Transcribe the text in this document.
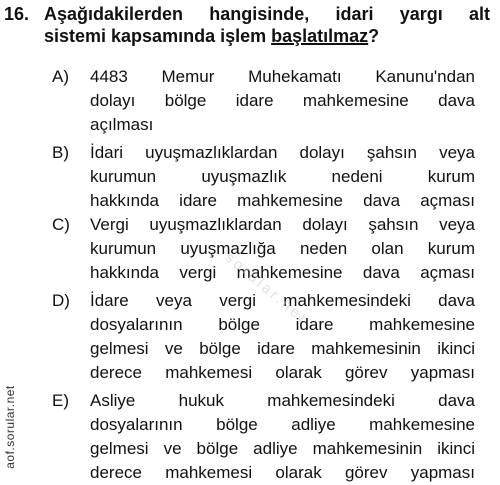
16. Aşağıdakilerden hangisinde, idari yargı alt
sistemi kapsamında işlem başlatılmaz?
A) 4483 Memur Muhekamatı Kanunu'ndan
dolayı bölge idare mahkemesine dava
açılması
B) İdari uyuşmazlıklardan dolayı şahsın veya
kurumun uyuşmazlık nedeni kurum
hakkında idare mahkemesine dava açması
C) Vergi uyuşmazlıklardan dolayı şahsın veya
kurumun uyuşmazlığa neden olan kurum
hakkında vergi mahkemesine dava açması
D) İdare veya vergi mahkemesindeki dava
dosyalarının bölge idare mahkemesine
gelmesi ve bölge idare mahkemesinin ikinci
derece mahkemesi olarak görev yapması
E) Asliye hukuk mahkemesindeki dava
dosyalarının bölge adliye mahkemesine
gelmesi ve bölge adliye mahkemesinin ikinci
derece mahkemesi olarak görev yapması
aof.sorular.net
sorular.net
